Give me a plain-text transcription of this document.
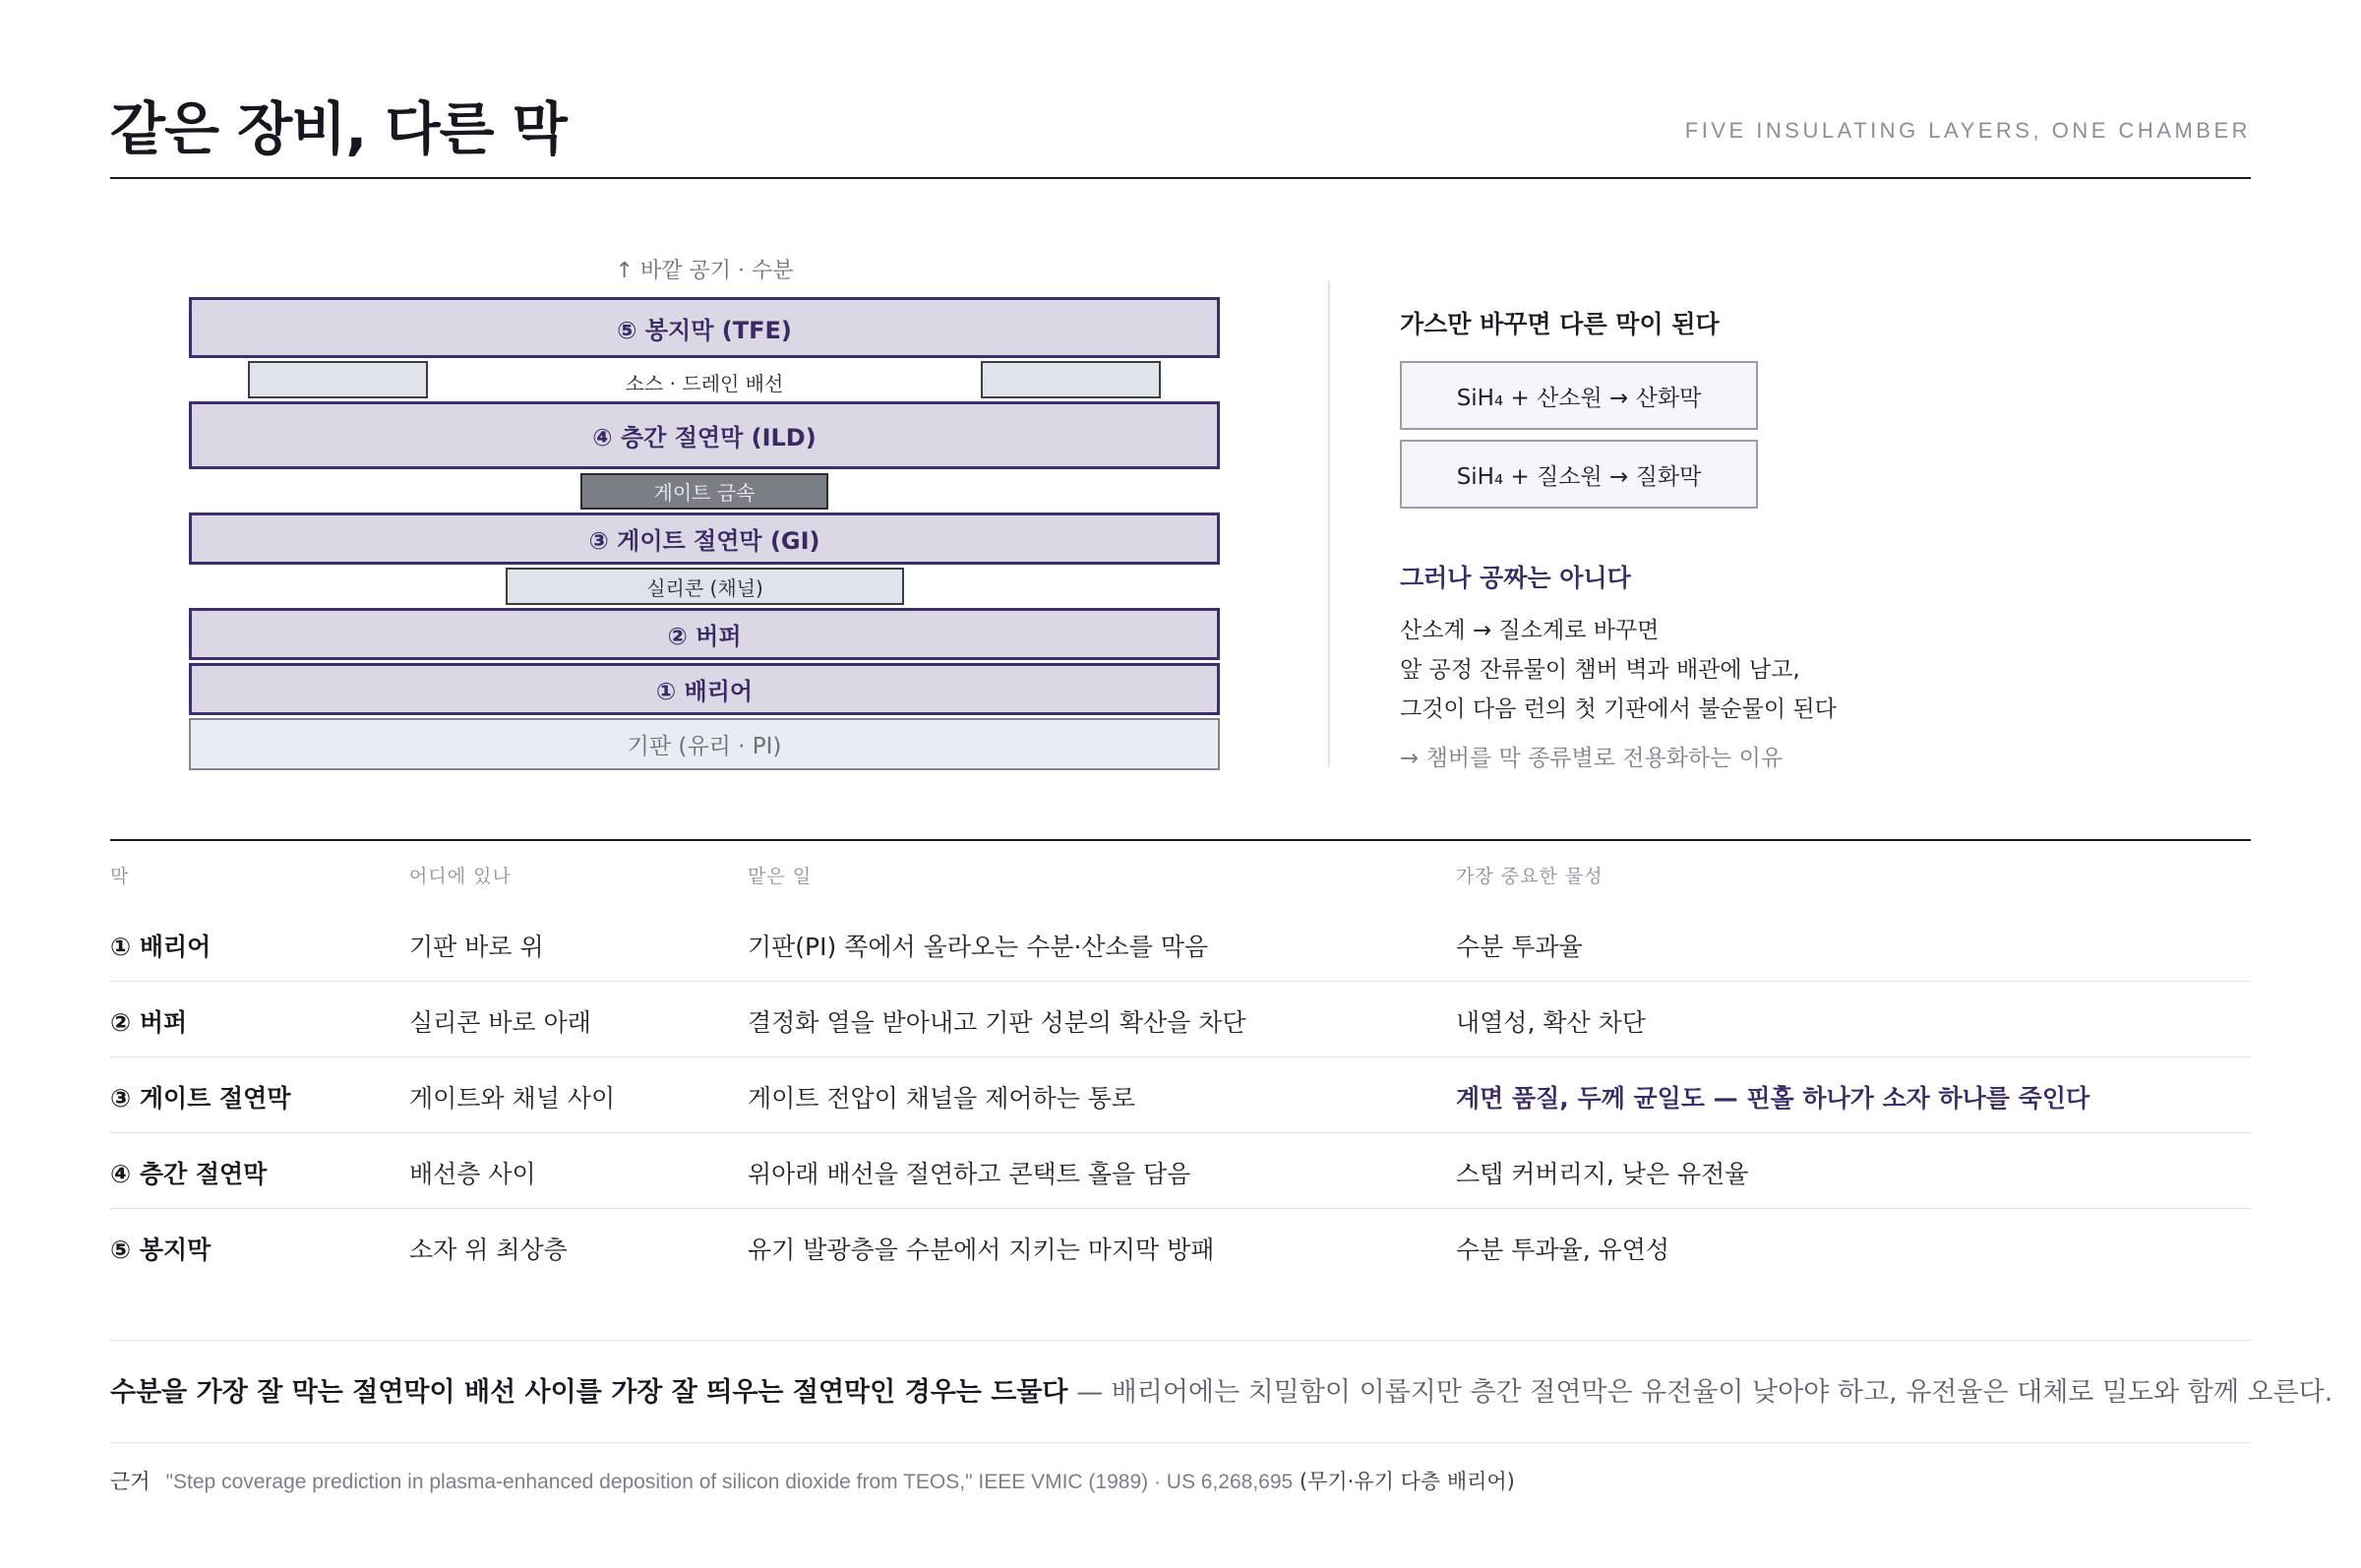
같은 장비, 다른 막	FIVE INSULATING LAYERS, ONE CHAMBER
↑ 바깥 공기 · 수분
⑤ 봉지막 (TFE)
소스 · 드레인 배선
④ 층간 절연막 (ILD)
게이트 금속
③ 게이트 절연막 (GI)
실리콘 (채널)
② 버퍼
① 배리어
기판 (유리 · PI)
가스만 바꾸면 다른 막이 된다
SiH₄ + 산소원 → 산화막
SiH₄ + 질소원 → 질화막
그러나 공짜는 아니다
산소계 → 질소계로 바꾸면
앞 공정 잔류물이 챔버 벽과 배관에 남고,
그것이 다음 런의 첫 기판에서 불순물이 된다
→ 챔버를 막 종류별로 전용화하는 이유
막	어디에 있나	맡은 일	가장 중요한 물성
① 배리어	기판 바로 위	기판(PI) 쪽에서 올라오는 수분·산소를 막음	수분 투과율
② 버퍼	실리콘 바로 아래	결정화 열을 받아내고 기판 성분의 확산을 차단	내열성, 확산 차단
③ 게이트 절연막	게이트와 채널 사이	게이트 전압이 채널을 제어하는 통로	계면 품질, 두께 균일도 — 핀홀 하나가 소자 하나를 죽인다
④ 층간 절연막	배선층 사이	위아래 배선을 절연하고 콘택트 홀을 담음	스텝 커버리지, 낮은 유전율
⑤ 봉지막	소자 위 최상층	유기 발광층을 수분에서 지키는 마지막 방패	수분 투과율, 유연성
수분을 가장 잘 막는 절연막이 배선 사이를 가장 잘 띄우는 절연막인 경우는 드물다 — 배리어에는 치밀함이 이롭지만 층간 절연막은 유전율이 낮아야 하고, 유전율은 대체로 밀도와 함께 오른다.
근거 "Step coverage prediction in plasma-enhanced deposition of silicon dioxide from TEOS," IEEE VMIC (1989) · US 6,268,695 (무기·유기 다층 배리어)
